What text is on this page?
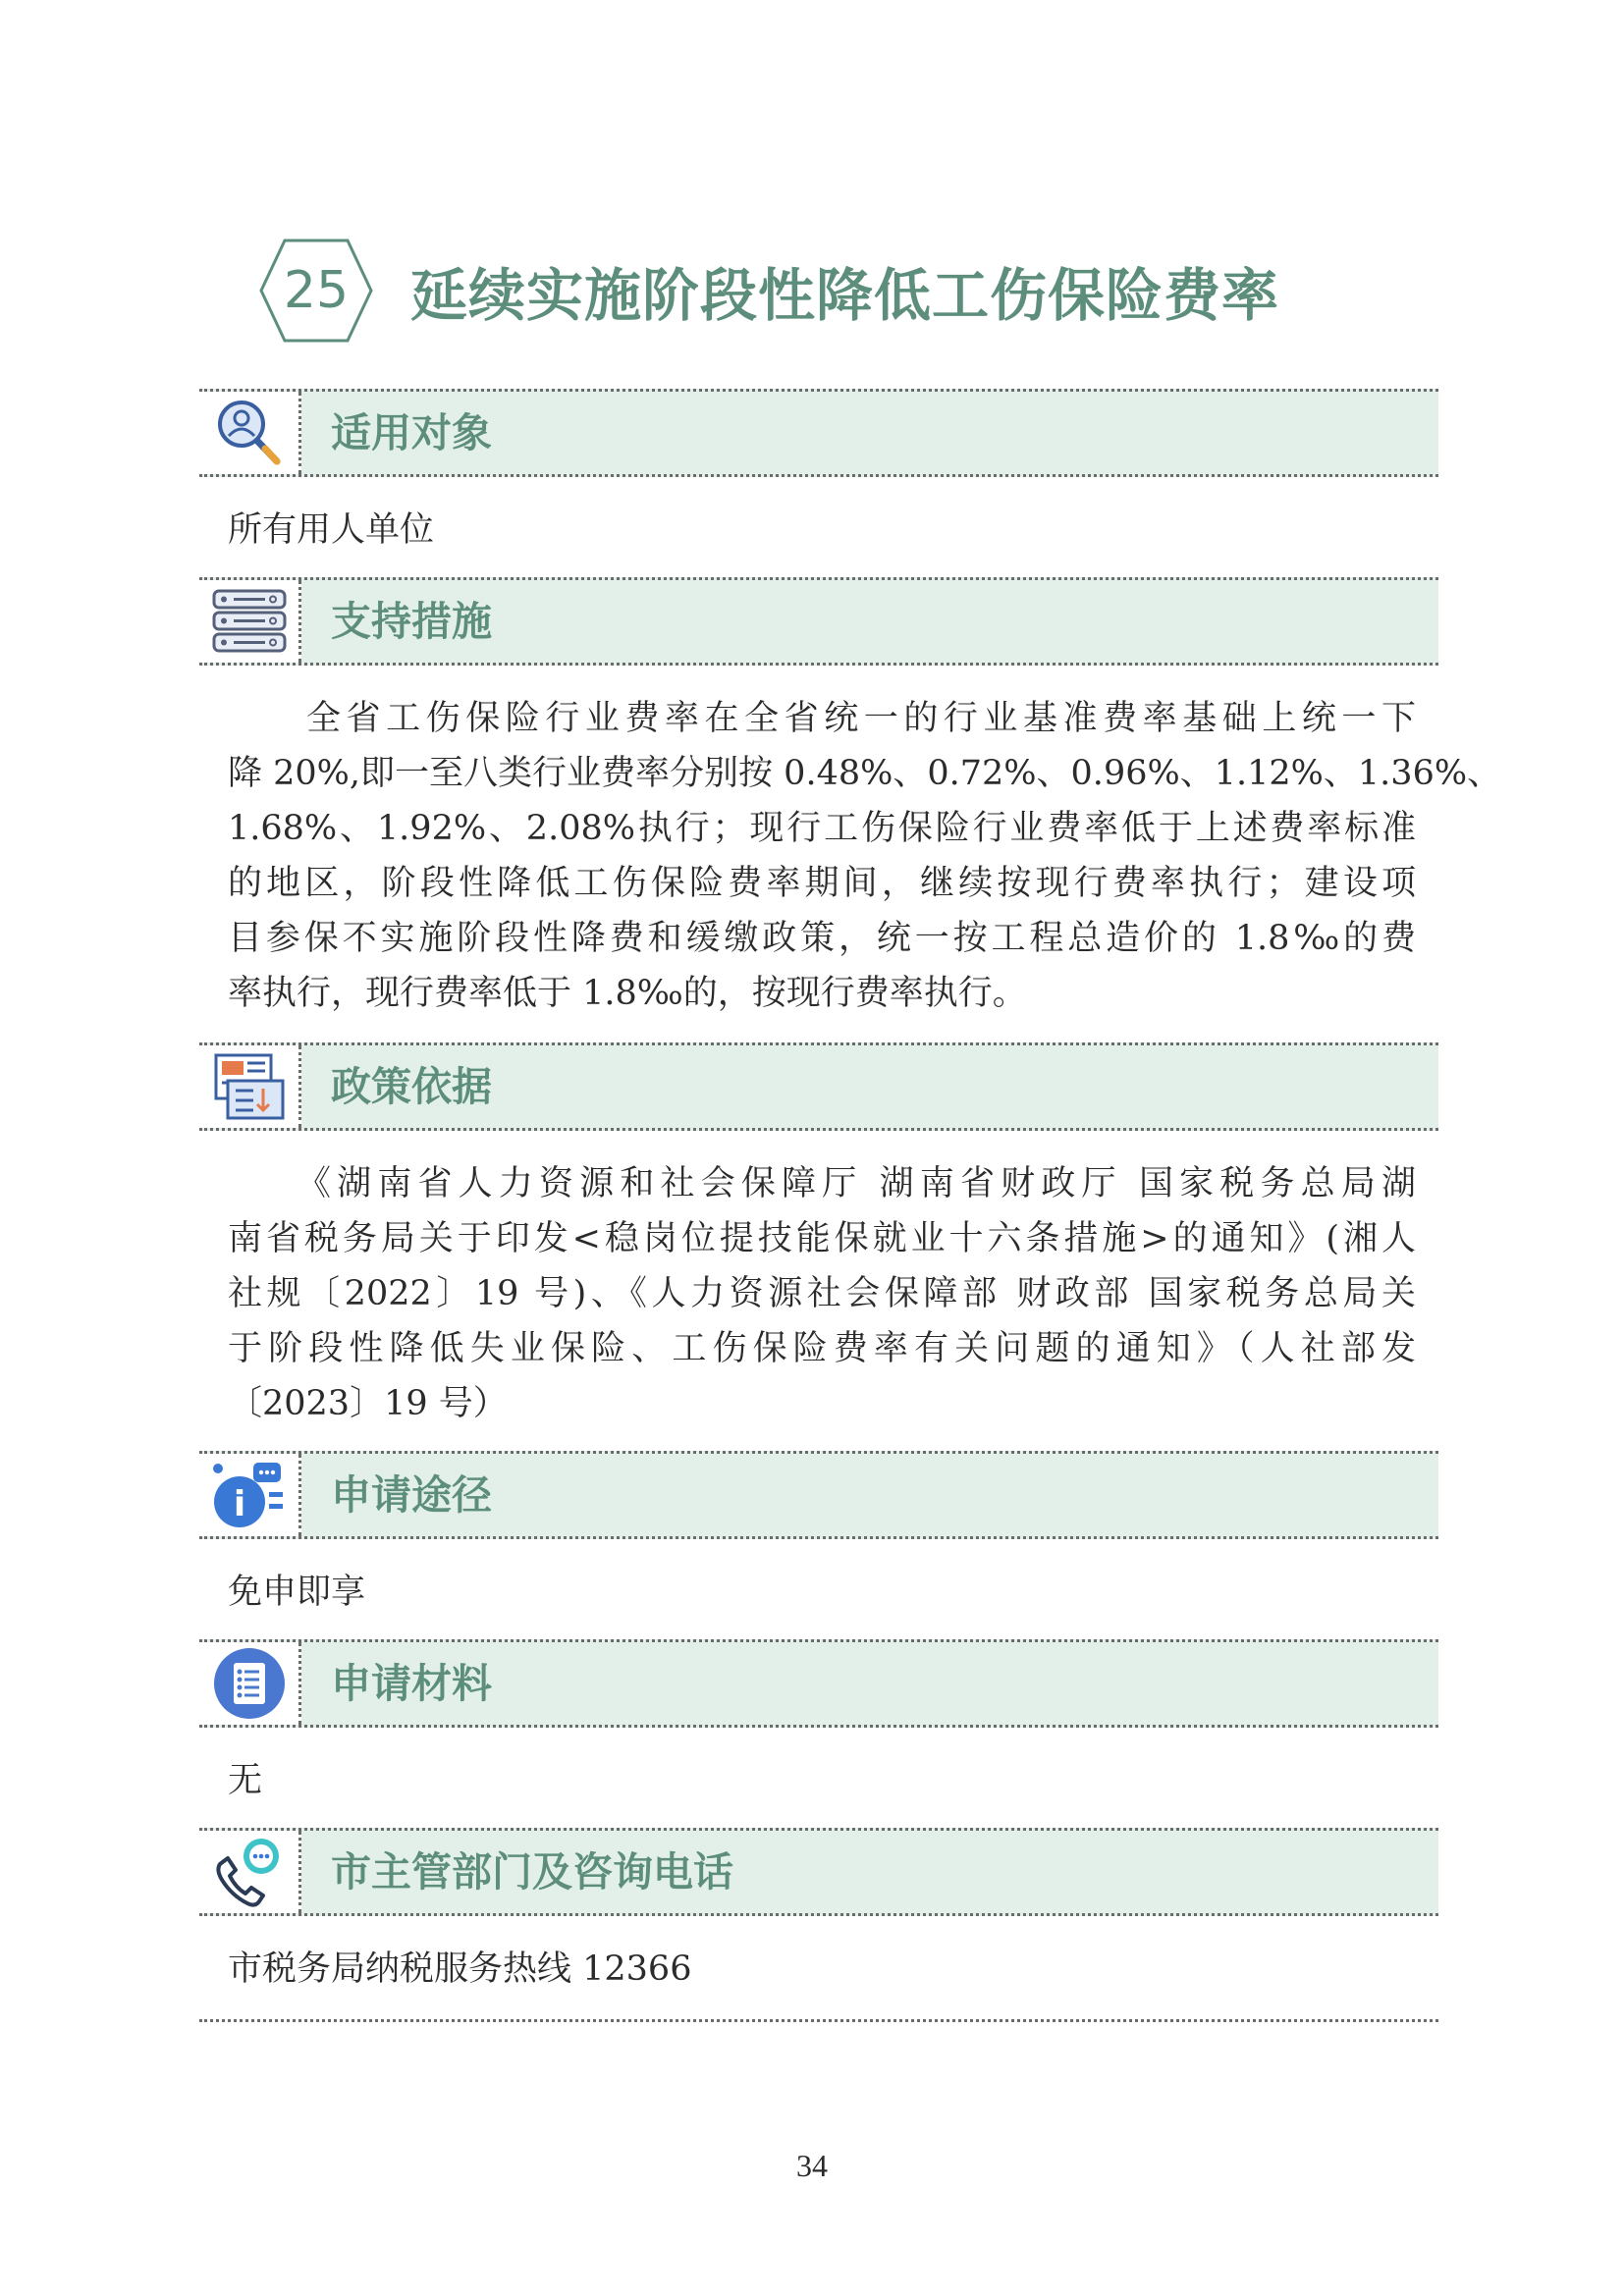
25	延续实施阶段性降低工伤保险费率
适用对象
所有用人单位
支持措施
全省工伤保险行业费率在全省统一的行业基准费率基础上统一下
降 20%,即一至八类行业费率分别按 0.48%、0.72%、0.96%、1.12%、1.36%、
1.68%、1.92%、2.08%执行；现行工伤保险行业费率低于上述费率标准
的地区，阶段性降低工伤保险费率期间，继续按现行费率执行；建设项
目参保不实施阶段性降费和缓缴政策，统一按工程总造价的 1.8‰的费
率执行，现行费率低于 1.8‰的，按现行费率执行。
政策依据
《湖南省人力资源和社会保障厅 湖南省财政厅 国家税务总局湖
南省税务局关于印发<稳岗位提技能保就业十六条措施>的通知》(湘人
社规〔2022〕19 号)、《人力资源社会保障部 财政部 国家税务总局关
于阶段性降低失业保险、工伤保险费率有关问题的通知》（人社部发
〔2023〕19 号）
i 申请途径
免申即享
申请材料
无
市主管部门及咨询电话
市税务局纳税服务热线 12366
34
